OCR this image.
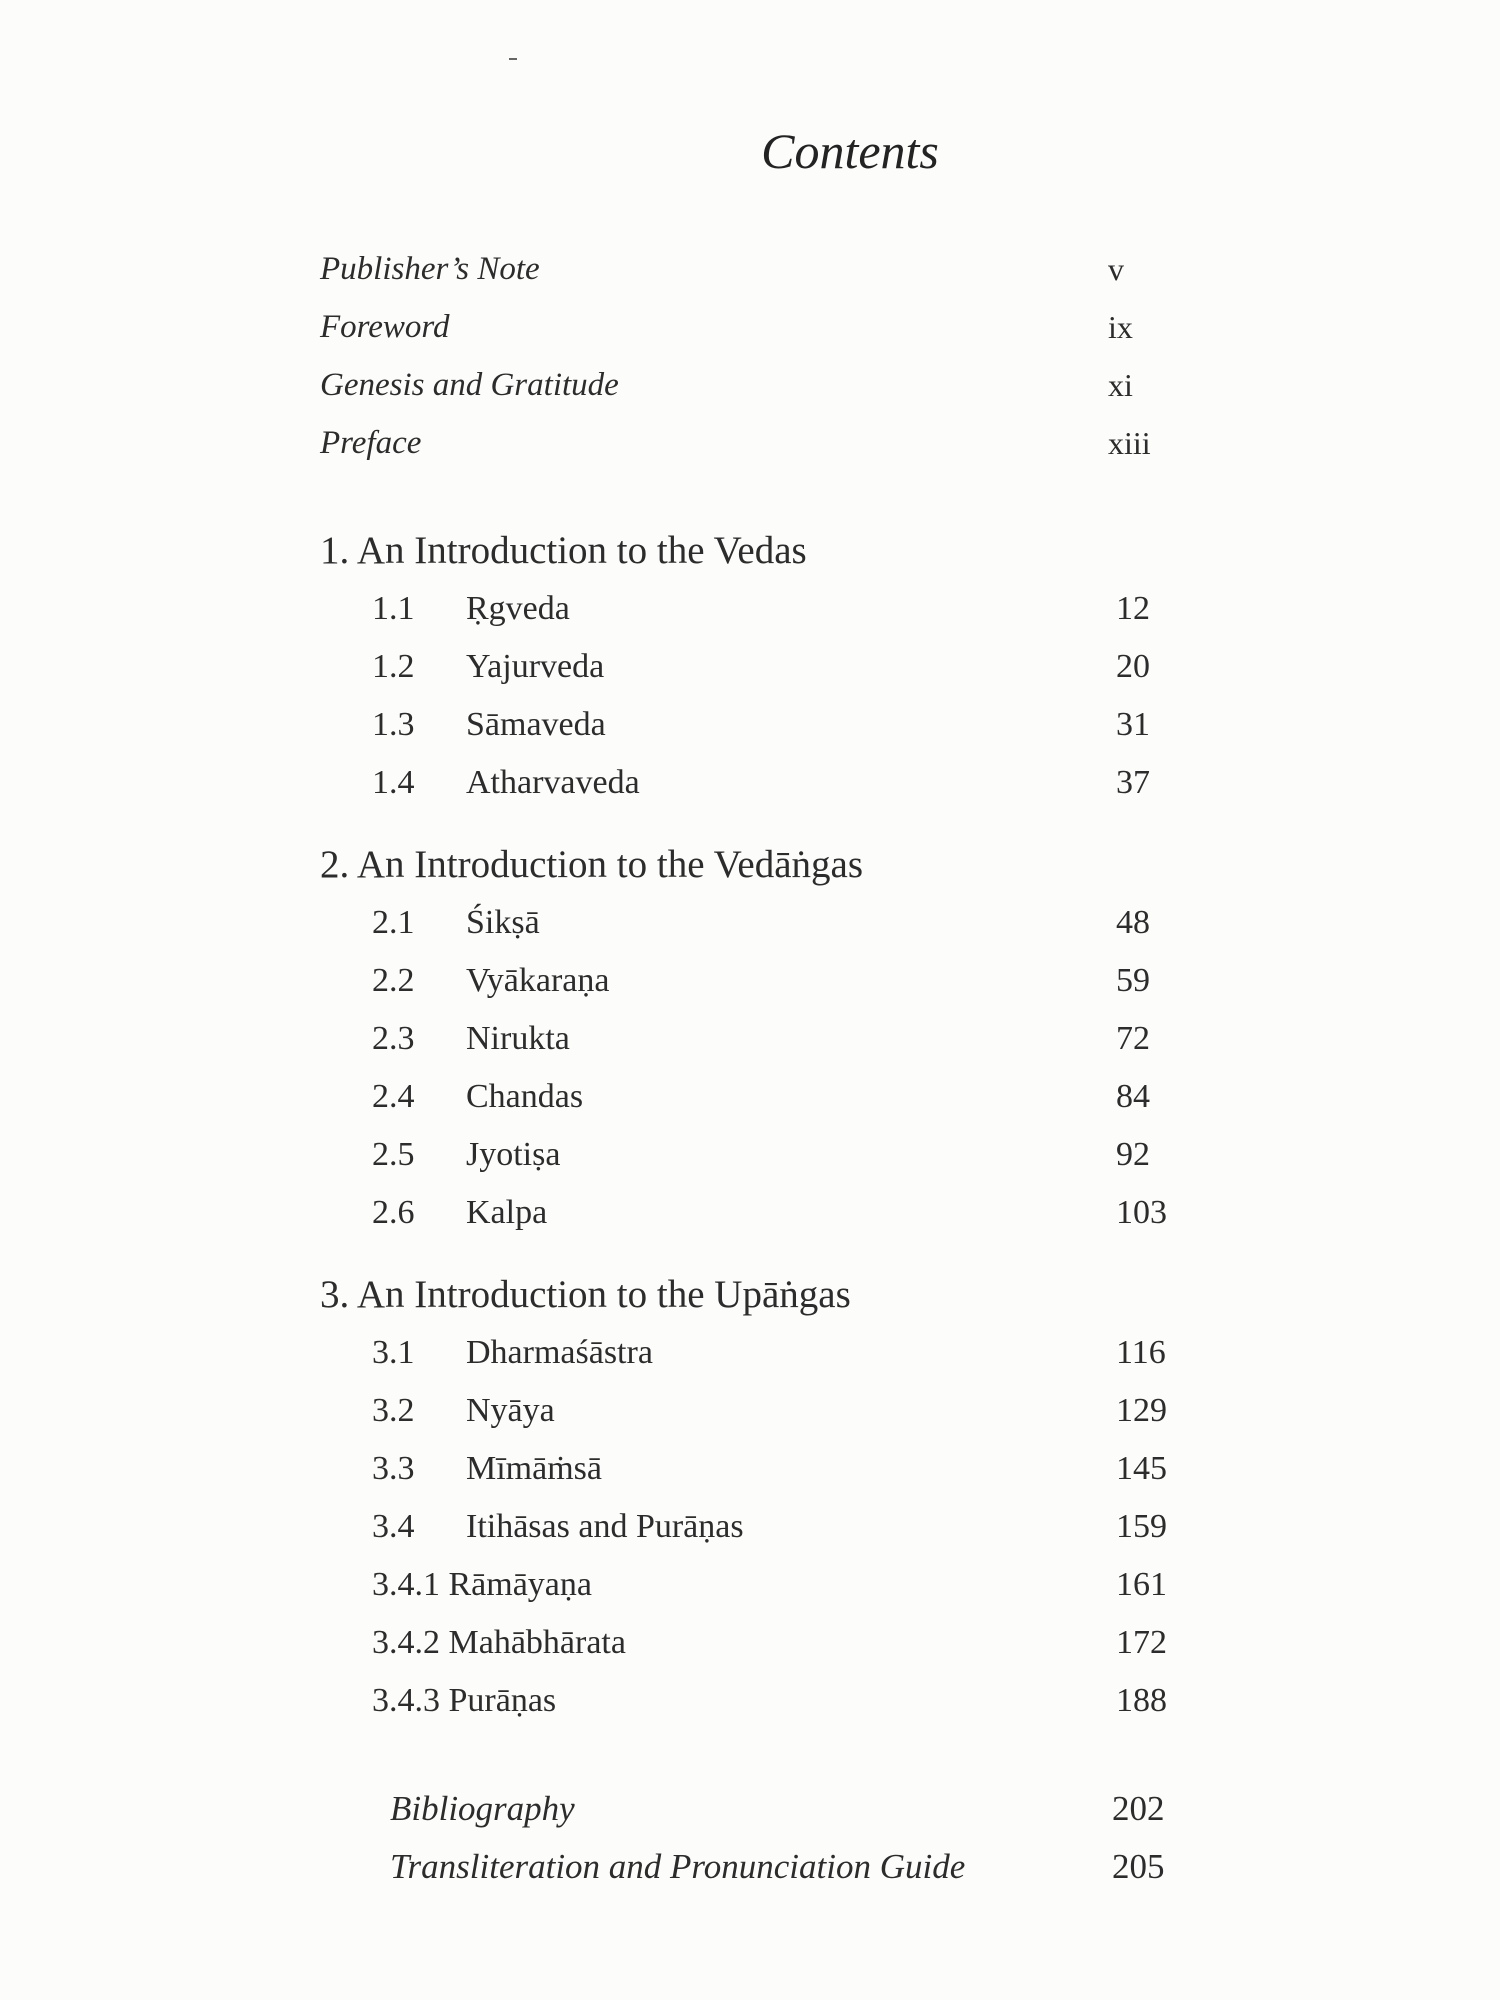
Contents
Publisher’s Note	v
Foreword	ix
Genesis and Gratitude	xi
Preface	xiii
1. An Introduction to the Vedas
1.1 Ṛgveda	12
1.2 Yajurveda	20
1.3 Sāmaveda	31
1.4 Atharvaveda	37
2. An Introduction to the Vedāṅgas
2.1 Śikṣā	48
2.2 Vyākaraṇa	59
2.3 Nirukta	72
2.4 Chandas	84
2.5 Jyotiṣa	92
2.6 Kalpa	103
3. An Introduction to the Upāṅgas
3.1 Dharmaśāstra	116
3.2 Nyāya	129
3.3 Mīmāṁsā	145
3.4 Itihāsas and Purāṇas	159
3.4.1 Rāmāyaṇa	161
3.4.2 Mahābhārata	172
3.4.3 Purāṇas	188
Bibliography	202
Transliteration and Pronunciation Guide	205
